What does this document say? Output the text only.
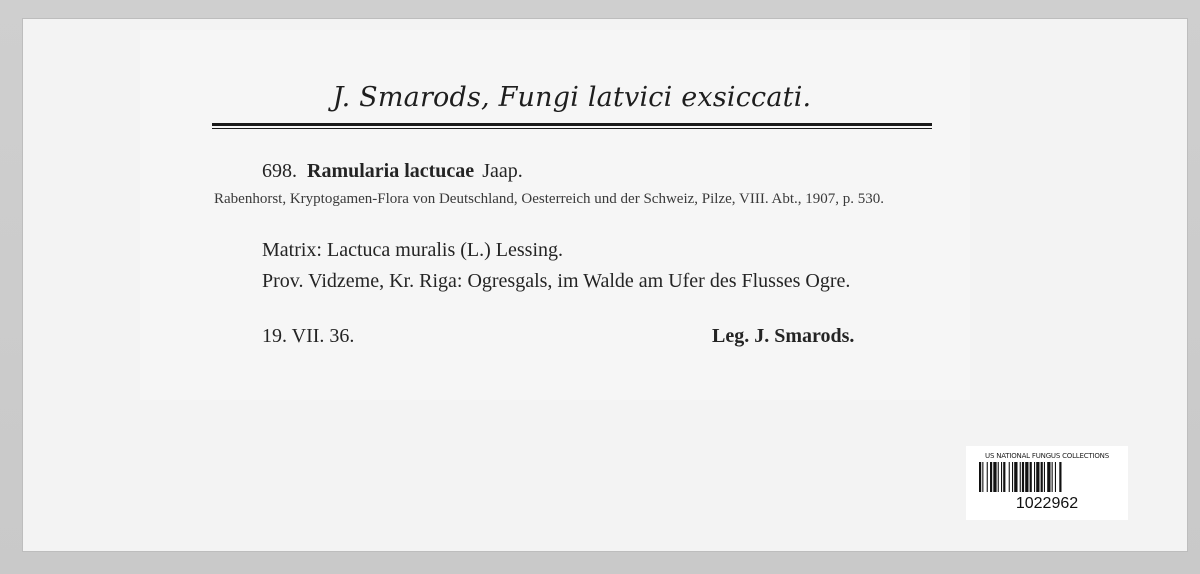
J. Smarods, Fungi latvici exsiccati.
698. Ramularia lactucae Jaap.
Rabenhorst, Kryptogamen-Flora von Deutschland, Oesterreich und der Schweiz, Pilze, VIII. Abt., 1907, p. 530.
Matrix: Lactuca muralis (L.) Lessing.
Prov. Vidzeme, Kr. Riga: Ogresgals, im Walde am Ufer des Flusses Ogre.
19. VII. 36.	Leg. J. Smarods.
US NATIONAL FUNGUS COLLECTIONS
1022962
